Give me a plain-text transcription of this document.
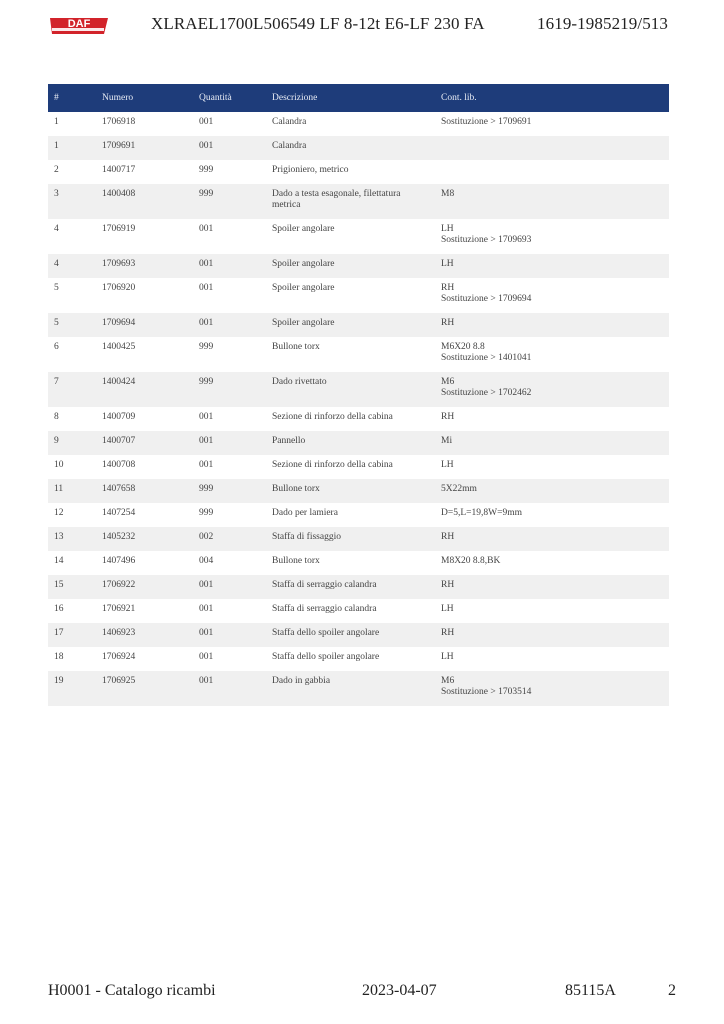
DAF	XLRAEL1700L506549 LF 8-12t E6-LF 230 FA	1619-1985219/513
#	Numero	Quantità	Descrizione	Cont. lib.
1	1706918	001	Calandra	Sostituzione > 1709691

1	1709691	001	Calandra	
2	1400717	999	Prigioniero, metrico	
3	1400408	999	Dado a testa esagonale, filettatura metrica	M8

4	1706919	001	Spoiler angolare	LH
Sostituzione > 1709693

4	1709693	001	Spoiler angolare	LH

5	1706920	001	Spoiler angolare	RH
Sostituzione > 1709694

5	1709694	001	Spoiler angolare	RH

6	1400425	999	Bullone torx	M6X20 8.8
Sostituzione > 1401041

7	1400424	999	Dado rivettato	M6
Sostituzione > 1702462

8	1400709	001	Sezione di rinforzo della cabina	RH

9	1400707	001	Pannello	Mi

10	1400708	001	Sezione di rinforzo della cabina	LH

11	1407658	999	Bullone torx	5X22mm

12	1407254	999	Dado per lamiera	D=5,L=19,8W=9mm

13	1405232	002	Staffa di fissaggio	RH

14	1407496	004	Bullone torx	M8X20 8.8,BK

15	1706922	001	Staffa di serraggio calandra	RH

16	1706921	001	Staffa di serraggio calandra	LH

17	1406923	001	Staffa dello spoiler angolare	RH

18	1706924	001	Staffa dello spoiler angolare	LH

19	1706925	001	Dado in gabbia	M6
Sostituzione > 1703514
H0001 - Catalogo ricambi	2023-04-07	85115A	2
